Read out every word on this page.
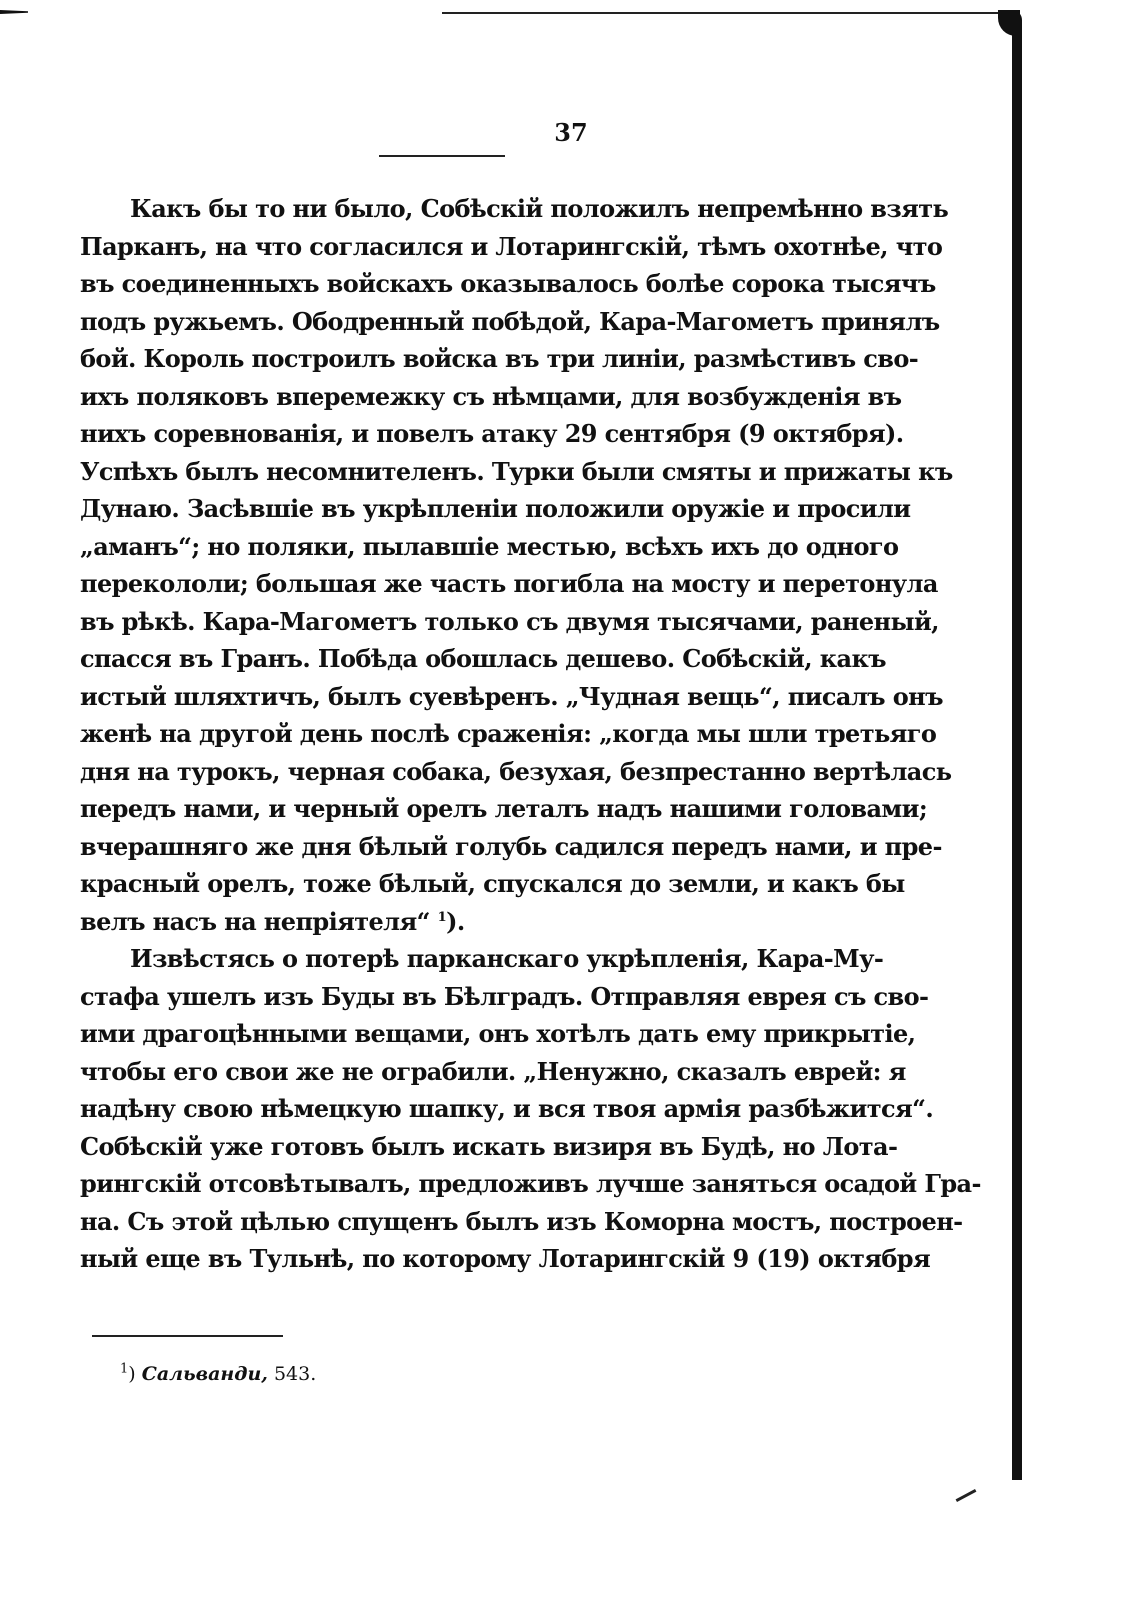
37
Какъ бы то ни было, Собѣскій положилъ непремѣнно взять
Парканъ, на что согласился и Лотарингскій, тѣмъ охотнѣе, что
въ соединенныхъ войскахъ оказывалось болѣе сорока тысячъ
подъ ружьемъ. Ободренный побѣдой, Кара-Магометъ принялъ
бой. Король построилъ войска въ три линіи, размѣстивъ сво-
ихъ поляковъ вперемежку съ нѣмцами, для возбужденія въ
нихъ соревнованія, и повелъ атаку 29 сентября (9 октября).
Успѣхъ былъ несомнителенъ. Турки были смяты и прижаты къ
Дунаю. Засѣвшіе въ укрѣпленіи положили оружіе и просили
„аманъ“; но поляки, пылавшіе местью, всѣхъ ихъ до одного
перекололи; большая же часть погибла на мосту и перетонула
въ рѣкѣ. Кара-Магометъ только съ двумя тысячами, раненый,
спасся въ Гранъ. Побѣда обошлась дешево. Собѣскій, какъ
истый шляхтичъ, былъ суевѣренъ. „Чудная вещь“, писалъ онъ
женѣ на другой день послѣ сраженія: „когда мы шли третьяго
дня на турокъ, черная собака, безухая, безпрестанно вертѣлась
передъ нами, и черный орелъ леталъ надъ нашими головами;
вчерашняго же дня бѣлый голубь садился передъ нами, и пре-
красный орелъ, тоже бѣлый, спускался до земли, и какъ бы
велъ насъ на непріятеля“ $^1$).
Извѣстясь о потерѣ парканскаго укрѣпленія, Кара-Му-
стафа ушелъ изъ Буды въ Бѣлградъ. Отправляя еврея съ сво-
ими драгоцѣнными вещами, онъ хотѣлъ дать ему прикрытіе,
чтобы его свои же не ограбили. „Ненужно, сказалъ еврей: я
надѣну свою нѣмецкую шапку, и вся твоя армія разбѣжится“.
Собѣскій уже готовъ былъ искать визиря въ Будѣ, но Лота-
рингскій отсовѣтывалъ, предложивъ лучше заняться осадой Гра-
на. Съ этой цѣлью спущенъ былъ изъ Коморна мостъ, построен-
ный еще въ Тульнѣ, по которому Лотарингскій 9 (19) октября
$^1$) Сальванди, 543.
